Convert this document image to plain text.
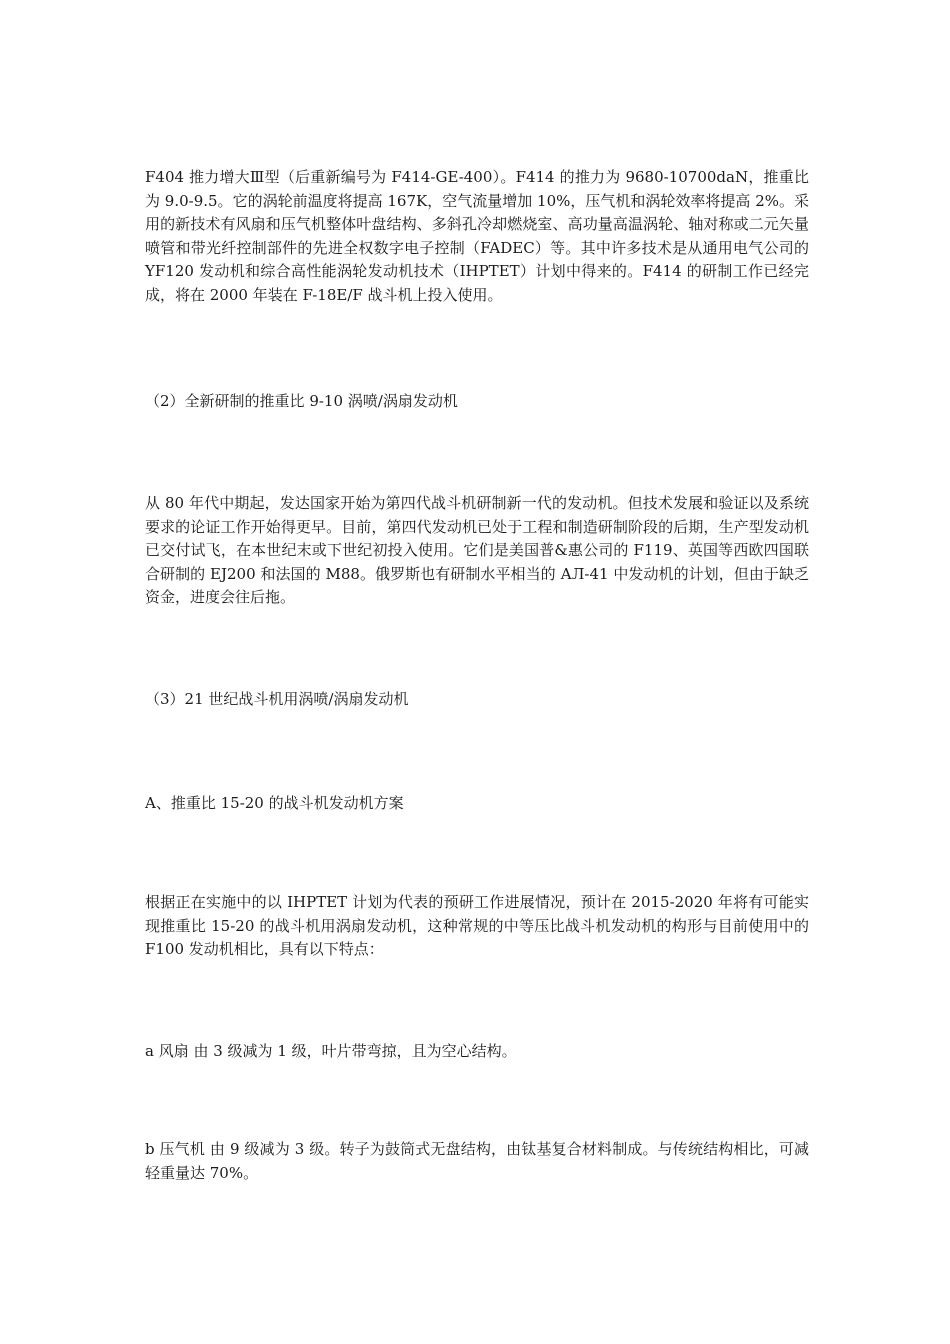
F404 推力增大Ⅲ型（后重新编号为 F414-GE-400）。F414 的推力为 9680-10700daN，推重比为 9.0-9.5。它的涡轮前温度将提高 167K，空气流量增加 10%，压气机和涡轮效率将提高 2%。采用的新技术有风扇和压气机整体叶盘结构、多斜孔冷却燃烧室、高功量高温涡轮、轴对称或二元矢量喷管和带光纤控制部件的先进全权数字电子控制（FADEC）等。其中许多技术是从通用电气公司的 YF120 发动机和综合高性能涡轮发动机技术（IHPTET）计划中得来的。F414 的研制工作已经完成，将在 2000 年装在 F-18E/F 战斗机上投入使用。

（2）全新研制的推重比 9-10 涡喷/涡扇发动机

从 80 年代中期起，发达国家开始为第四代战斗机研制新一代的发动机。但技术发展和验证以及系统要求的论证工作开始得更早。目前，第四代发动机已处于工程和制造研制阶段的后期，生产型发动机已交付试飞，在本世纪末或下世纪初投入使用。它们是美国普&惠公司的 F119、英国等西欧四国联合研制的 EJ200 和法国的 M88。俄罗斯也有研制水平相当的 АЛ-41 中发动机的计划，但由于缺乏资金，进度会往后拖。

（3）21 世纪战斗机用涡喷/涡扇发动机

A、推重比 15-20 的战斗机发动机方案

根据正在实施中的以 IHPTET 计划为代表的预研工作进展情况，预计在 2015-2020 年将有可能实现推重比 15-20 的战斗机用涡扇发动机，这种常规的中等压比战斗机发动机的构形与目前使用中的 F100 发动机相比，具有以下特点：

a 风扇 由 3 级减为 1 级，叶片带弯掠，且为空心结构。

b 压气机 由 9 级减为 3 级。转子为鼓筒式无盘结构，由钛基复合材料制成。与传统结构相比，可减轻重量达 70%。
